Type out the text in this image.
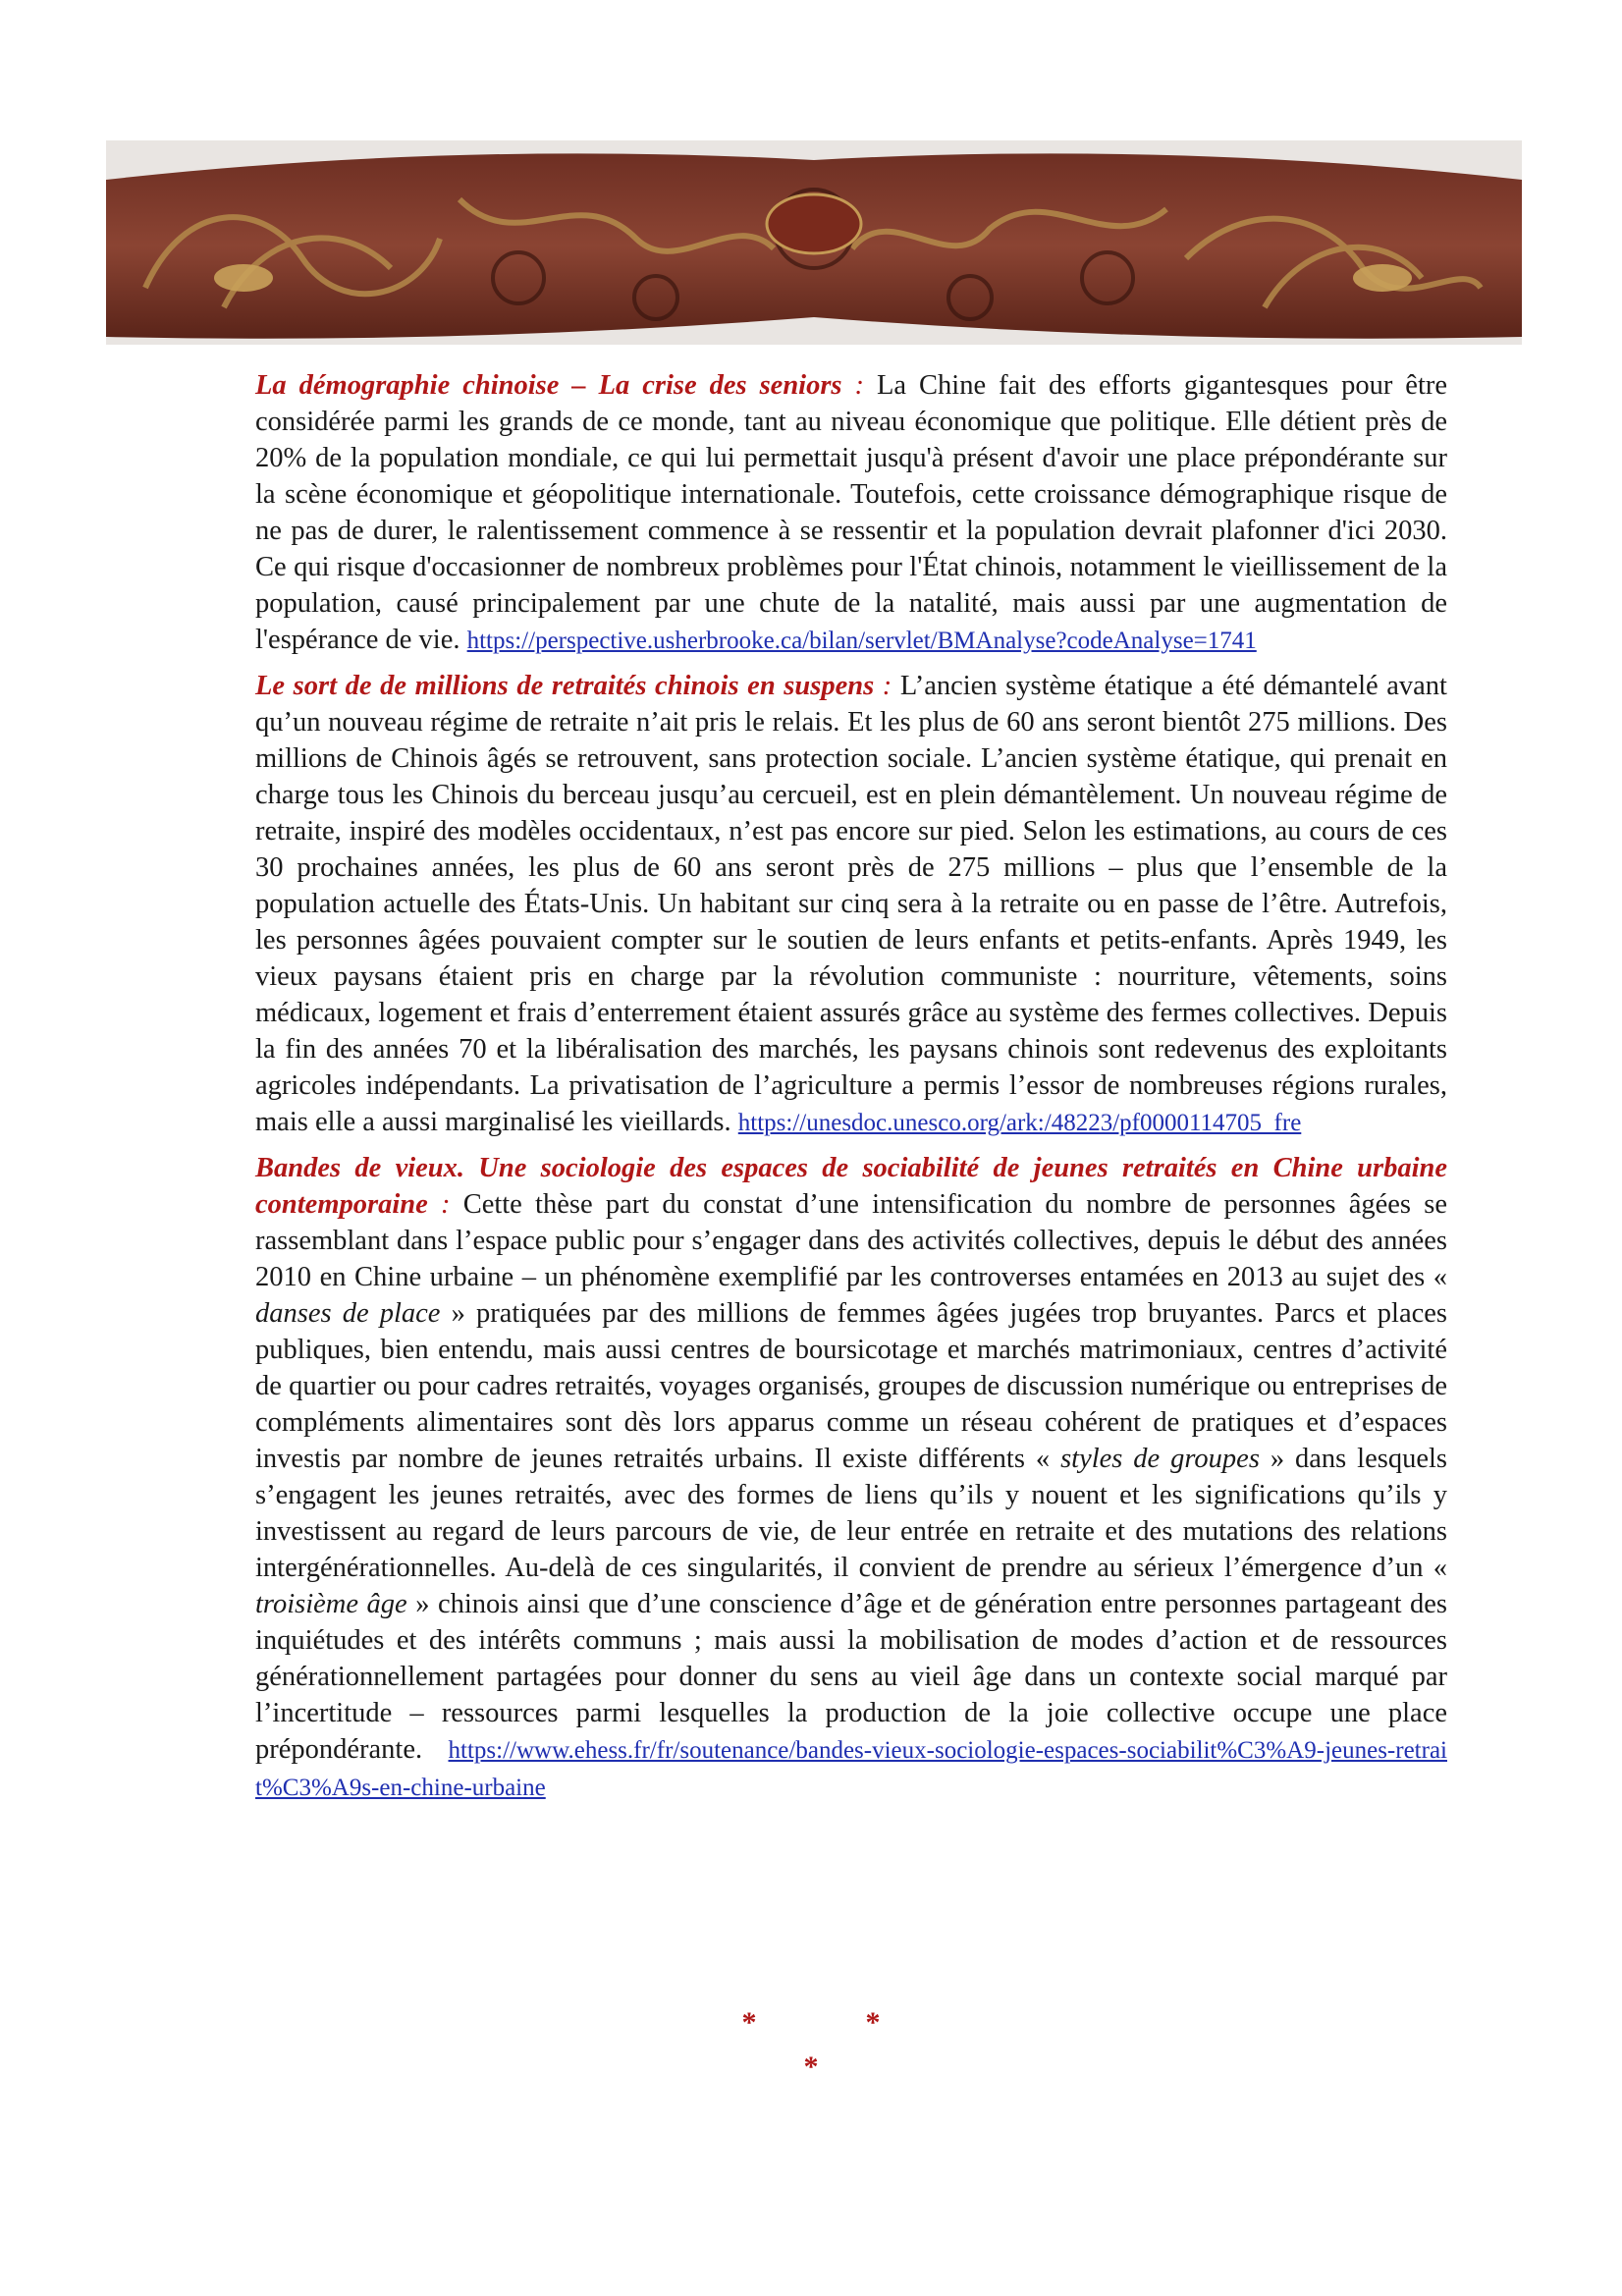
La démographie chinoise – La crise des seniors : La Chine fait des efforts gigantesques pour être considérée parmi les grands de ce monde, tant au niveau économique que politique. Elle détient près de 20% de la population mondiale, ce qui lui permettait jusqu'à présent d'avoir une place prépondérante sur la scène économique et géopolitique internationale. Toutefois, cette croissance démographique risque de ne pas de durer, le ralentissement commence à se ressentir et la population devrait plafonner d'ici 2030. Ce qui risque d'occasionner de nombreux problèmes pour l'État chinois, notamment le vieillissement de la population, causé principalement par une chute de la natalité, mais aussi par une augmentation de l'espérance de vie. https://perspective.usherbrooke.ca/bilan/servlet/BMAnalyse?codeAnalyse=1741

Le sort de de millions de retraités chinois en suspens : L’ancien système étatique a été démantelé avant qu’un nouveau régime de retraite n’ait pris le relais. Et les plus de 60 ans seront bientôt 275 millions. Des millions de Chinois âgés se retrouvent, sans protection sociale. L’ancien système étatique, qui prenait en charge tous les Chinois du berceau jusqu’au cercueil, est en plein démantèlement. Un nouveau régime de retraite, inspiré des modèles occidentaux, n’est pas encore sur pied. Selon les estimations, au cours de ces 30 prochaines années, les plus de 60 ans seront près de 275 millions – plus que l’ensemble de la population actuelle des États-Unis. Un habitant sur cinq sera à la retraite ou en passe de l’être. Autrefois, les personnes âgées pouvaient compter sur le soutien de leurs enfants et petits-enfants. Après 1949, les vieux paysans étaient pris en charge par la révolution communiste : nourriture, vêtements, soins médicaux, logement et frais d’enterrement étaient assurés grâce au système des fermes collectives. Depuis la fin des années 70 et la libéralisation des marchés, les paysans chinois sont redevenus des exploitants agricoles indépendants. La privatisation de l’agriculture a permis l’essor de nombreuses régions rurales, mais elle a aussi marginalisé les vieillards. https://unesdoc.unesco.org/ark:/48223/pf0000114705_fre

Bandes de vieux. Une sociologie des espaces de sociabilité de jeunes retraités en Chine urbaine contemporaine : Cette thèse part du constat d’une intensification du nombre de personnes âgées se rassemblant dans l’espace public pour s’engager dans des activités collectives, depuis le début des années 2010 en Chine urbaine – un phénomène exemplifié par les controverses entamées en 2013 au sujet des « danses de place » pratiquées par des millions de femmes âgées jugées trop bruyantes. Parcs et places publiques, bien entendu, mais aussi centres de boursicotage et marchés matrimoniaux, centres d’activité de quartier ou pour cadres retraités, voyages organisés, groupes de discussion numérique ou entreprises de compléments alimentaires sont dès lors apparus comme un réseau cohérent de pratiques et d’espaces investis par nombre de jeunes retraités urbains. Il existe différents « styles de groupes » dans lesquels s’engagent les jeunes retraités, avec des formes de liens qu’ils y nouent et les significations qu’ils y investissent au regard de leurs parcours de vie, de leur entrée en retraite et des mutations des relations intergénérationnelles. Au-delà de ces singularités, il convient de prendre au sérieux l’émergence d’un « troisième âge » chinois ainsi que d’une conscience d’âge et de génération entre personnes partageant des inquiétudes et des intérêts communs ; mais aussi la mobilisation de modes d’action et de ressources générationnellement partagées pour donner du sens au vieil âge dans un contexte social marqué par l’incertitude – ressources parmi lesquelles la production de la joie collective occupe une place prépondérante. https://www.ehess.fr/fr/soutenance/bandes-vieux-sociologie-espaces-sociabilit%C3%A9-jeunes-retrait%C3%A9s-en-chine-urbaine

*	*
*
